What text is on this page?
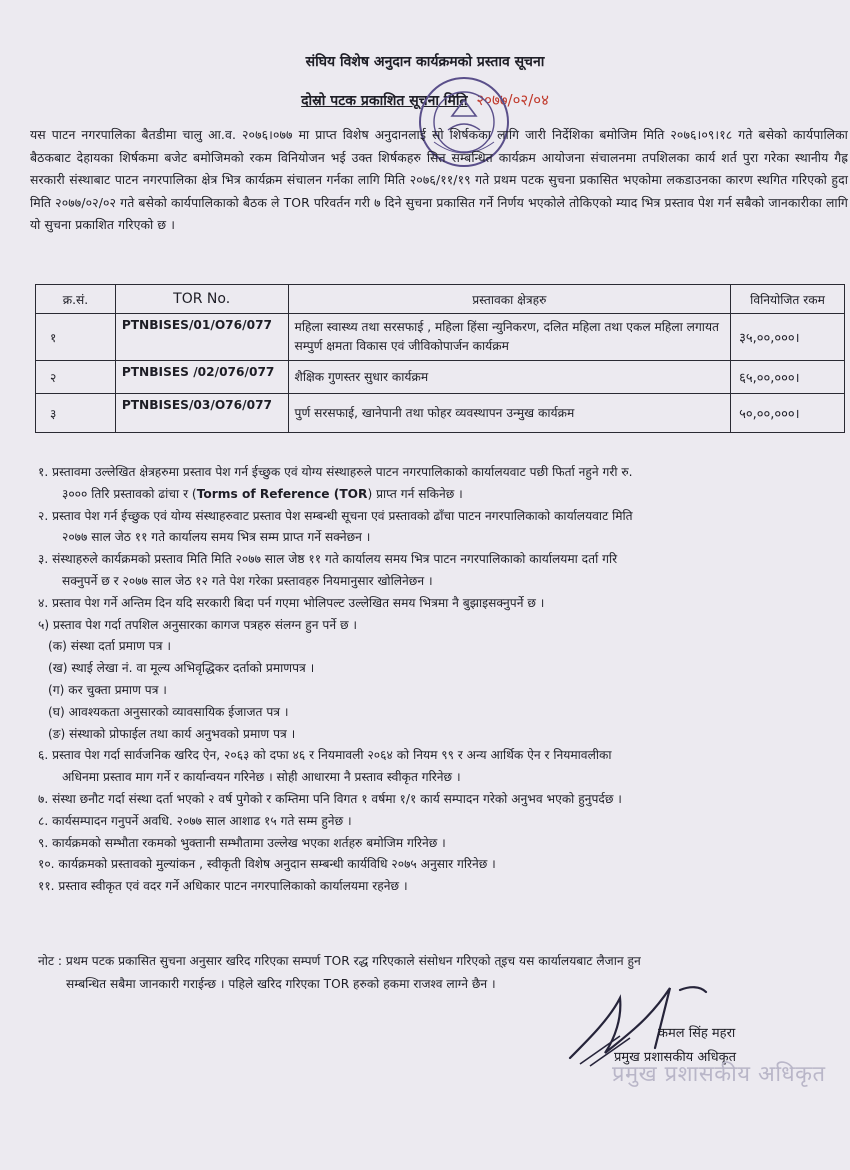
संघिय विशेष अनुदान कार्यक्रमको प्रस्ताव सूचना
दोस्रो पटक प्रकाशित सूचना मिति २०७७/०२/०४
यस पाटन नगरपालिका बैतडीमा चालु आ.व. २०७६।०७७ मा प्राप्त विशेष अनुदानलाई सो शिर्षकका लागि जारी निर्देशिका बमोजिम मिति २०७६।०९।१८ गते बसेको कार्यपालिका बैठकबाट देहायका शिर्षकमा बजेट बमोजिमको रकम विनियोजन भई उक्त शिर्षकहरु सित सम्बन्धित कार्यक्रम आयोजना संचालनमा तपशिलका कार्य शर्त पुरा गरेका स्थानीय गैह्र सरकारी संस्थाबाट पाटन नगरपालिका क्षेत्र भित्र कार्यक्रम संचालन गर्नका लागि मिति २०७६/११/१९ गते प्रथम पटक सुचना प्रकासित भएकोमा लकडाउनका कारण स्थगित गरिएको हुदा मिति २०७७/०२/०२ गते बसेको कार्यपालिकाको बैठक ले TOR परिवर्तन गरी ७ दिने सुचना प्रकासित गर्ने निर्णय भएकोले तोकिएको म्याद भित्र प्रस्ताव पेश गर्न सबैको जानकारीका लागि यो सुचना प्रकाशित गरिएको छ ।
क्र.सं.	TOR No.	प्रस्तावका क्षेत्रहरु	विनियोजित रकम
१	PTNBISES/01/O76/077	महिला स्वास्थ्य तथा सरसफाई , महिला हिंसा न्युनिकरण, दलित महिला तथा एकल महिला लगायत सम्पुर्ण क्षमता विकास एवं जीविकोपार्जन कार्यक्रम	३५,००,०००।
२	PTNBISES /02/076/077	शैक्षिक गुणस्तर सुधार कार्यक्रम	६५,००,०००।
३	PTNBISES/03/O76/077	पुर्ण सरसफाई, खानेपानी तथा फोहर व्यवस्थापन उन्मुख कार्यक्रम	५०,००,०००।

१. प्रस्तावमा उल्लेखित क्षेत्रहरुमा प्रस्ताव पेश गर्न ईच्छुक एवं योग्य संस्थाहरुले पाटन नगरपालिकाको कार्यालयवाट पछी फिर्ता नहुने गरी रु.

३००० तिरि प्रस्तावको ढांचा र (Torms of Reference (TOR) प्राप्त गर्न सकिनेछ ।

२. प्रस्ताव पेश गर्न ईच्छुक एवं योग्य संस्थाहरुवाट प्रस्ताव पेश सम्बन्धी सूचना एवं प्रस्तावको ढाँचा पाटन नगरपालिकाको कार्यालयवाट मिति

२०७७ साल जेठ ११ गते कार्यालय समय भित्र सम्म प्राप्त गर्ने सक्नेछन ।

३. संस्थाहरुले कार्यक्रमको प्रस्ताव मिति मिति २०७७ साल जेष्ठ ११ गते कार्यालय समय भित्र पाटन नगरपालिकाको कार्यालयमा दर्ता गरि

सक्नुपर्ने छ र २०७७ साल जेठ १२ गते पेश गरेका प्रस्तावहरु नियमानुसार खोलिनेछन ।

४. प्रस्ताव पेश गर्ने अन्तिम दिन यदि सरकारी बिदा पर्न गएमा भोलिपल्ट उल्लेखित समय भित्रमा नै बुझाइसक्नुपर्ने छ ।

५) प्रस्ताव पेश गर्दा तपशिल अनुसारका कागज पत्रहरु संलग्न हुन पर्ने छ ।

(क) संस्था दर्ता प्रमाण पत्र ।

(ख) स्थाई लेखा नं. वा मूल्य अभिवृद्धिकर दर्ताको प्रमाणपत्र ।

(ग) कर चुक्ता प्रमाण पत्र ।

(घ) आवश्यकता अनुसारको व्यावसायिक ईजाजत पत्र ।

(ङ) संस्थाको प्रोफाईल तथा कार्य अनुभवको प्रमाण पत्र ।

६. प्रस्ताव पेश गर्दा सार्वजनिक खरिद ऐन, २०६३ को दफा ४६ र नियमावली २०६४ को नियम ९९ र अन्य आर्थिक ऐन र नियमावलीका

अधिनमा प्रस्ताव माग गर्ने र कार्यान्वयन गरिनेछ । सोही आधारमा नै प्रस्ताव स्वीकृत गरिनेछ ।

७. संस्था छनौट गर्दा संस्था दर्ता भएको २ वर्ष पुगेको र कम्तिमा पनि विगत १ वर्षमा १/१ कार्य सम्पादन गरेको अनुभव भएको हुनुपर्दछ ।

८. कार्यसम्पादन गनुपर्ने अवधि. २०७७ साल आशाढ १५ गते सम्म हुनेछ ।

९. कार्यक्रमको सम्भौता रकमको भुक्तानी सम्भौतामा उल्लेख भएका शर्तहरु बमोजिम गरिनेछ ।

१०. कार्यक्रमको प्रस्तावको मुल्यांकन , स्वीकृती विशेष अनुदान सम्बन्धी कार्यविधि २०७५ अनुसार गरिनेछ ।

११. प्रस्ताव स्वीकृत एवं वदर गर्ने अधिकार पाटन नगरपालिकाको कार्यालयमा रहनेछ ।

नोट : प्रथम पटक प्रकासित सुचना अनुसार खरिद गरिएका सम्पर्ण TOR रद्ध गरिएकाले संसोधन गरिएको त्इच यस कार्यालयबाट लैजान हुन
सम्बन्धित सबैमा जानकारी गराईन्छ । पहिले खरिद गरिएका TOR हरुको हकमा राजश्व लाग्ने छैन ।
कमल सिंह महरा
प्रमुख प्रशासकीय अधिकृत
प्रमुख प्रशासकीय अधिकृत
